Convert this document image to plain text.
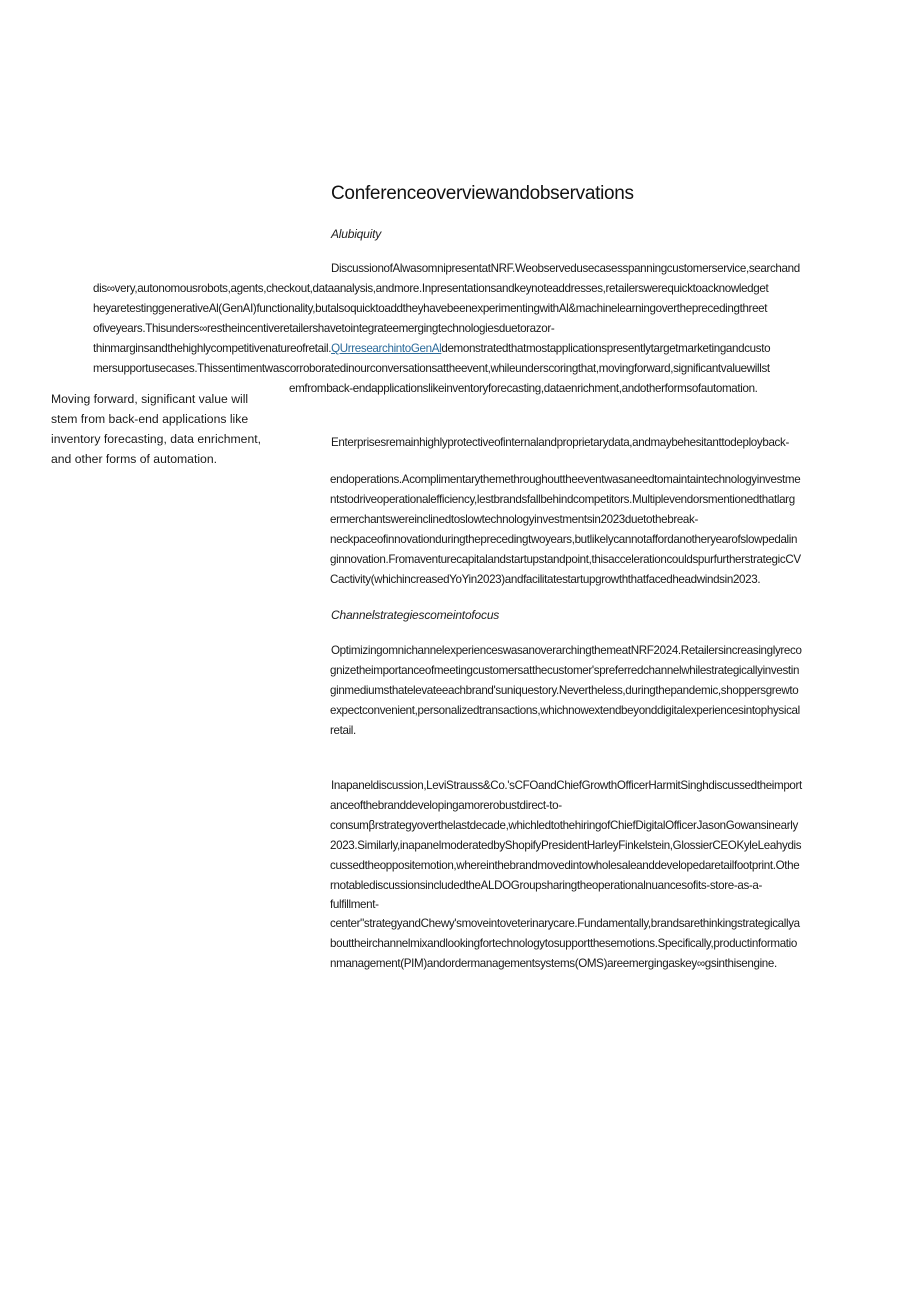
Conferenceoverviewandobservations
Alubiquity
DiscussionofAlwasomnipresentatNRF.Weobservedusecasesspanningcustomerservice,searchand
dis∞very,autonomousrobots,agents,checkout,dataanalysis,andmore.Inpresentationsandkeynoteaddresses,retailerswerequicktoacknowledget
heyaretestinggenerativeAl(GenAI)functionality,butalsoquicktoaddtheyhavebeenexperimentingwithAl&machinelearningovertheprecedingthreet
ofiveyears.Thisunders∞restheincentiveretailershavetointegrateemergingtechnologiesduetorazor-
thinmarginsandthehighlycompetitivenatureofretail.QUrresearchintoGenAldemonstratedthatmostapplicationspresentlytargetmarketingandcusto
mersupportusecases.Thissentimentwascorroboratedinourconversationsattheevent,whileunderscoringthat,movingforward,significantvaluewillst
emfromback-endapplicationslikeinventoryforecasting,dataenrichment,andotherformsofautomation.
Moving forward, significant value will
stem from back-end applications like
inventory forecasting, data enrichment,
and other forms of automation.
Enterprisesremainhighlyprotectiveofinternalandproprietarydata,andmaybehesitanttodeployback-
endoperations.Acomplimentarythemethroughouttheeventwasaneedtomaintaintechnologyinvestme
ntstodriveoperationalefficiency,lestbrandsfallbehindcompetitors.Multiplevendorsmentionedthatlarg
ermerchantswereinclinedtoslowtechnologyinvestmentsin2023duetothebreak-
neckpaceofinnovationduringtheprecedingtwoyears,butlikelycannotaffordanotheryearofslowpedalin
ginnovation.Fromaventurecapitalandstartupstandpoint,thisaccelerationcouldspurfurtherstrategicCV
Cactivity(whichincreasedYoYin2023)andfacilitatestartupgrowththatfacedheadwindsin2023.
Channelstrategiescomeintofocus
OptimizingomnichannelexperienceswasanoverarchingthemeatNRF2024.Retailersincreasinglyreco
gnizetheimportanceofmeetingcustomersatthecustomer'spreferredchannelwhilestrategicallyinvestin
ginmediumsthatelevateeachbrand'suniquestory.Nevertheless,duringthepandemic,shoppersgrewto
expectconvenient,personalizedtransactions,whichnowextendbeyonddigitalexperiencesintophysical
retail.
Inapaneldiscussion,LeviStrauss&Co.'sCFOandChiefGrowthOfficerHarmitSinghdiscussedtheimport
anceofthebranddevelopingamorerobustdirect-to-
consumβrstrategyoverthelastdecade,whichledtothehiringofChiefDigitalOfficerJasonGowansinearly
2023.Similarly,inapanelmoderatedbyShopifyPresidentHarleyFinkelstein,GlossierCEOKyleLeahydis
cussedtheoppositemotion,whereinthebrandmovedintowholesaleanddevelopedaretailfootprint.Othe
rnotablediscussionsincludedtheALDOGroupsharingtheoperationalnuancesofits-store-as-a-
fulfillment-
center"strategyandChewy'smoveintoveterinarycare.Fundamentally,brandsarethinkingstrategicallya
bouttheirchannelmixandlookingfortechnologytosupportthesemotions.Specifically,productinformatio
nmanagement(PIM)andordermanagementsystems(OMS)areemergingaskey∞gsinthisengine.
